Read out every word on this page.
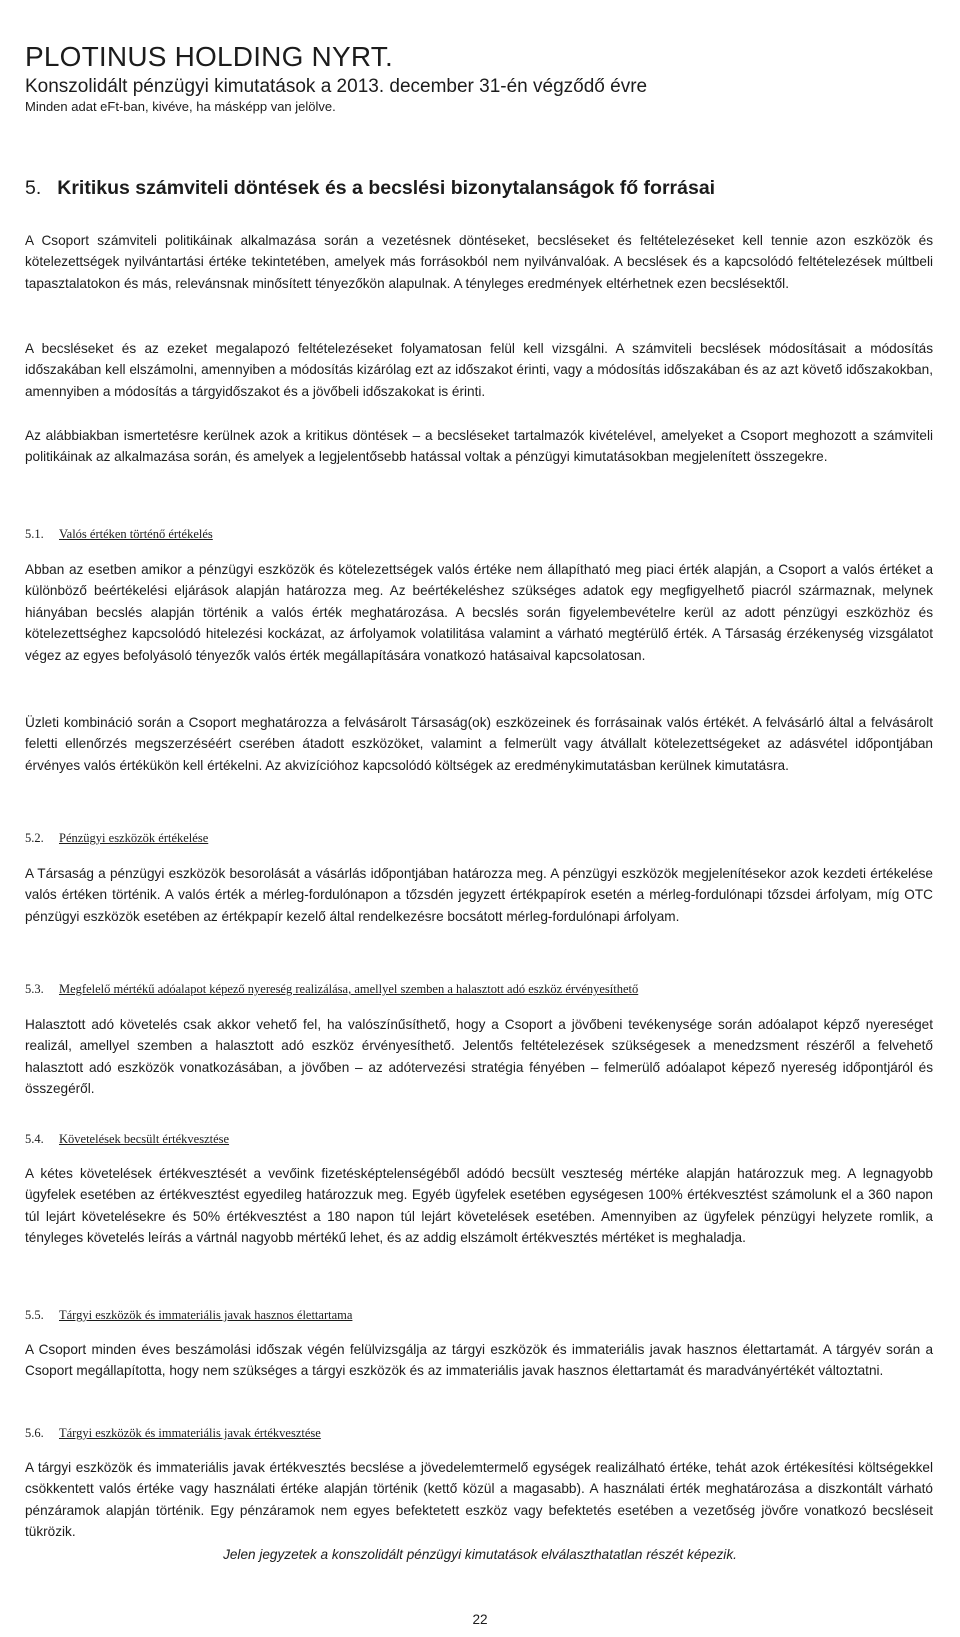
PLOTINUS HOLDING NYRT.
Konszolidált pénzügyi kimutatások a 2013. december 31-én végződő évre
Minden adat eFt-ban, kivéve, ha másképp van jelölve.
5. Kritikus számviteli döntések és a becslési bizonytalanságok fő forrásai

A Csoport számviteli politikáinak alkalmazása során a vezetésnek döntéseket, becsléseket és feltételezéseket kell tennie azon eszközök és kötelezettségek nyilvántartási értéke tekintetében, amelyek más forrásokból nem nyilvánvalóak. A becslések és a kapcsolódó feltételezések múltbeli tapasztalatokon és más, relevánsnak minősített tényezőkön alapulnak. A tényleges eredmények eltérhetnek ezen becslésektől.

A becsléseket és az ezeket megalapozó feltételezéseket folyamatosan felül kell vizsgálni. A számviteli becslések módosításait a módosítás időszakában kell elszámolni, amennyiben a módosítás kizárólag ezt az időszakot érinti, vagy a módosítás időszakában és az azt követő időszakokban, amennyiben a módosítás a tárgyidőszakot és a jövőbeli időszakokat is érinti.

Az alábbiakban ismertetésre kerülnek azok a kritikus döntések – a becsléseket tartalmazók kivételével, amelyeket a Csoport meghozott a számviteli politikáinak az alkalmazása során, és amelyek a legjelentősebb hatással voltak a pénzügyi kimutatásokban megjelenített összegekre.

5.1. Valós értéken történő értékelés

Abban az esetben amikor a pénzügyi eszközök és kötelezettségek valós értéke nem állapítható meg piaci érték alapján, a Csoport a valós értéket a különböző beértékelési eljárások alapján határozza meg. Az beértékeléshez szükséges adatok egy megfigyelhető piacról származnak, melynek hiányában becslés alapján történik a valós érték meghatározása. A becslés során figyelembevételre kerül az adott pénzügyi eszközhöz és kötelezettséghez kapcsolódó hitelezési kockázat, az árfolyamok volatilitása valamint a várható megtérülő érték. A Társaság érzékenység vizsgálatot végez az egyes befolyásoló tényezők valós érték megállapítására vonatkozó hatásaival kapcsolatosan.

Üzleti kombináció során a Csoport meghatározza a felvásárolt Társaság(ok) eszközeinek és forrásainak valós értékét. A felvásárló által a felvásárolt feletti ellenőrzés megszerzéséért cserében átadott eszközöket, valamint a felmerült vagy átvállalt kötelezettségeket az adásvétel időpontjában érvényes valós értékükön kell értékelni. Az akvizícióhoz kapcsolódó költségek az eredménykimutatásban kerülnek kimutatásra.

5.2. Pénzügyi eszközök értékelése

A Társaság a pénzügyi eszközök besorolását a vásárlás időpontjában határozza meg. A pénzügyi eszközök megjelenítésekor azok kezdeti értékelése valós értéken történik. A valós érték a mérleg-fordulónapon a tőzsdén jegyzett értékpapírok esetén a mérleg-fordulónapi tőzsdei árfolyam, míg OTC pénzügyi eszközök esetében az értékpapír kezelő által rendelkezésre bocsátott mérleg-fordulónapi árfolyam.

5.3. Megfelelő mértékű adóalapot képező nyereség realizálása, amellyel szemben a halasztott adó eszköz érvényesíthető

Halasztott adó követelés csak akkor vehető fel, ha valószínűsíthető, hogy a Csoport a jövőbeni tevékenysége során adóalapot képző nyereséget realizál, amellyel szemben a halasztott adó eszköz érvényesíthető. Jelentős feltételezések szükségesek a menedzsment részéről a felvehető halasztott adó eszközök vonatkozásában, a jövőben – az adótervezési stratégia fényében – felmerülő adóalapot képező nyereség időpontjáról és összegéről.

5.4. Követelések becsült értékvesztése

A kétes követelések értékvesztését a vevőink fizetésképtelenségéből adódó becsült veszteség mértéke alapján határozzuk meg. A legnagyobb ügyfelek esetében az értékvesztést egyedileg határozzuk meg. Egyéb ügyfelek esetében egységesen 100% értékvesztést számolunk el a 360 napon túl lejárt követelésekre és 50% értékvesztést a 180 napon túl lejárt követelések esetében. Amennyiben az ügyfelek pénzügyi helyzete romlik, a tényleges követelés leírás a vártnál nagyobb mértékű lehet, és az addig elszámolt értékvesztés mértéket is meghaladja.

5.5. Tárgyi eszközök és immateriális javak hasznos élettartama

A Csoport minden éves beszámolási időszak végén felülvizsgálja az tárgyi eszközök és immateriális javak hasznos élettartamát. A tárgyév során a Csoport megállapította, hogy nem szükséges a tárgyi eszközök és az immateriális javak hasznos élettartamát és maradványértékét változtatni.

5.6. Tárgyi eszközök és immateriális javak értékvesztése

A tárgyi eszközök és immateriális javak értékvesztés becslése a jövedelemtermelő egységek realizálható értéke, tehát azok értékesítési költségekkel csökkentett valós értéke vagy használati értéke alapján történik (kettő közül a magasabb). A használati érték meghatározása a diszkontált várható pénzáramok alapján történik. Egy pénzáramok nem egyes befektetett eszköz vagy befektetés esetében a vezetőség jövőre vonatkozó becsléseit tükrözik.

Jelen jegyzetek a konszolidált pénzügyi kimutatások elválaszthatatlan részét képezik.
22
